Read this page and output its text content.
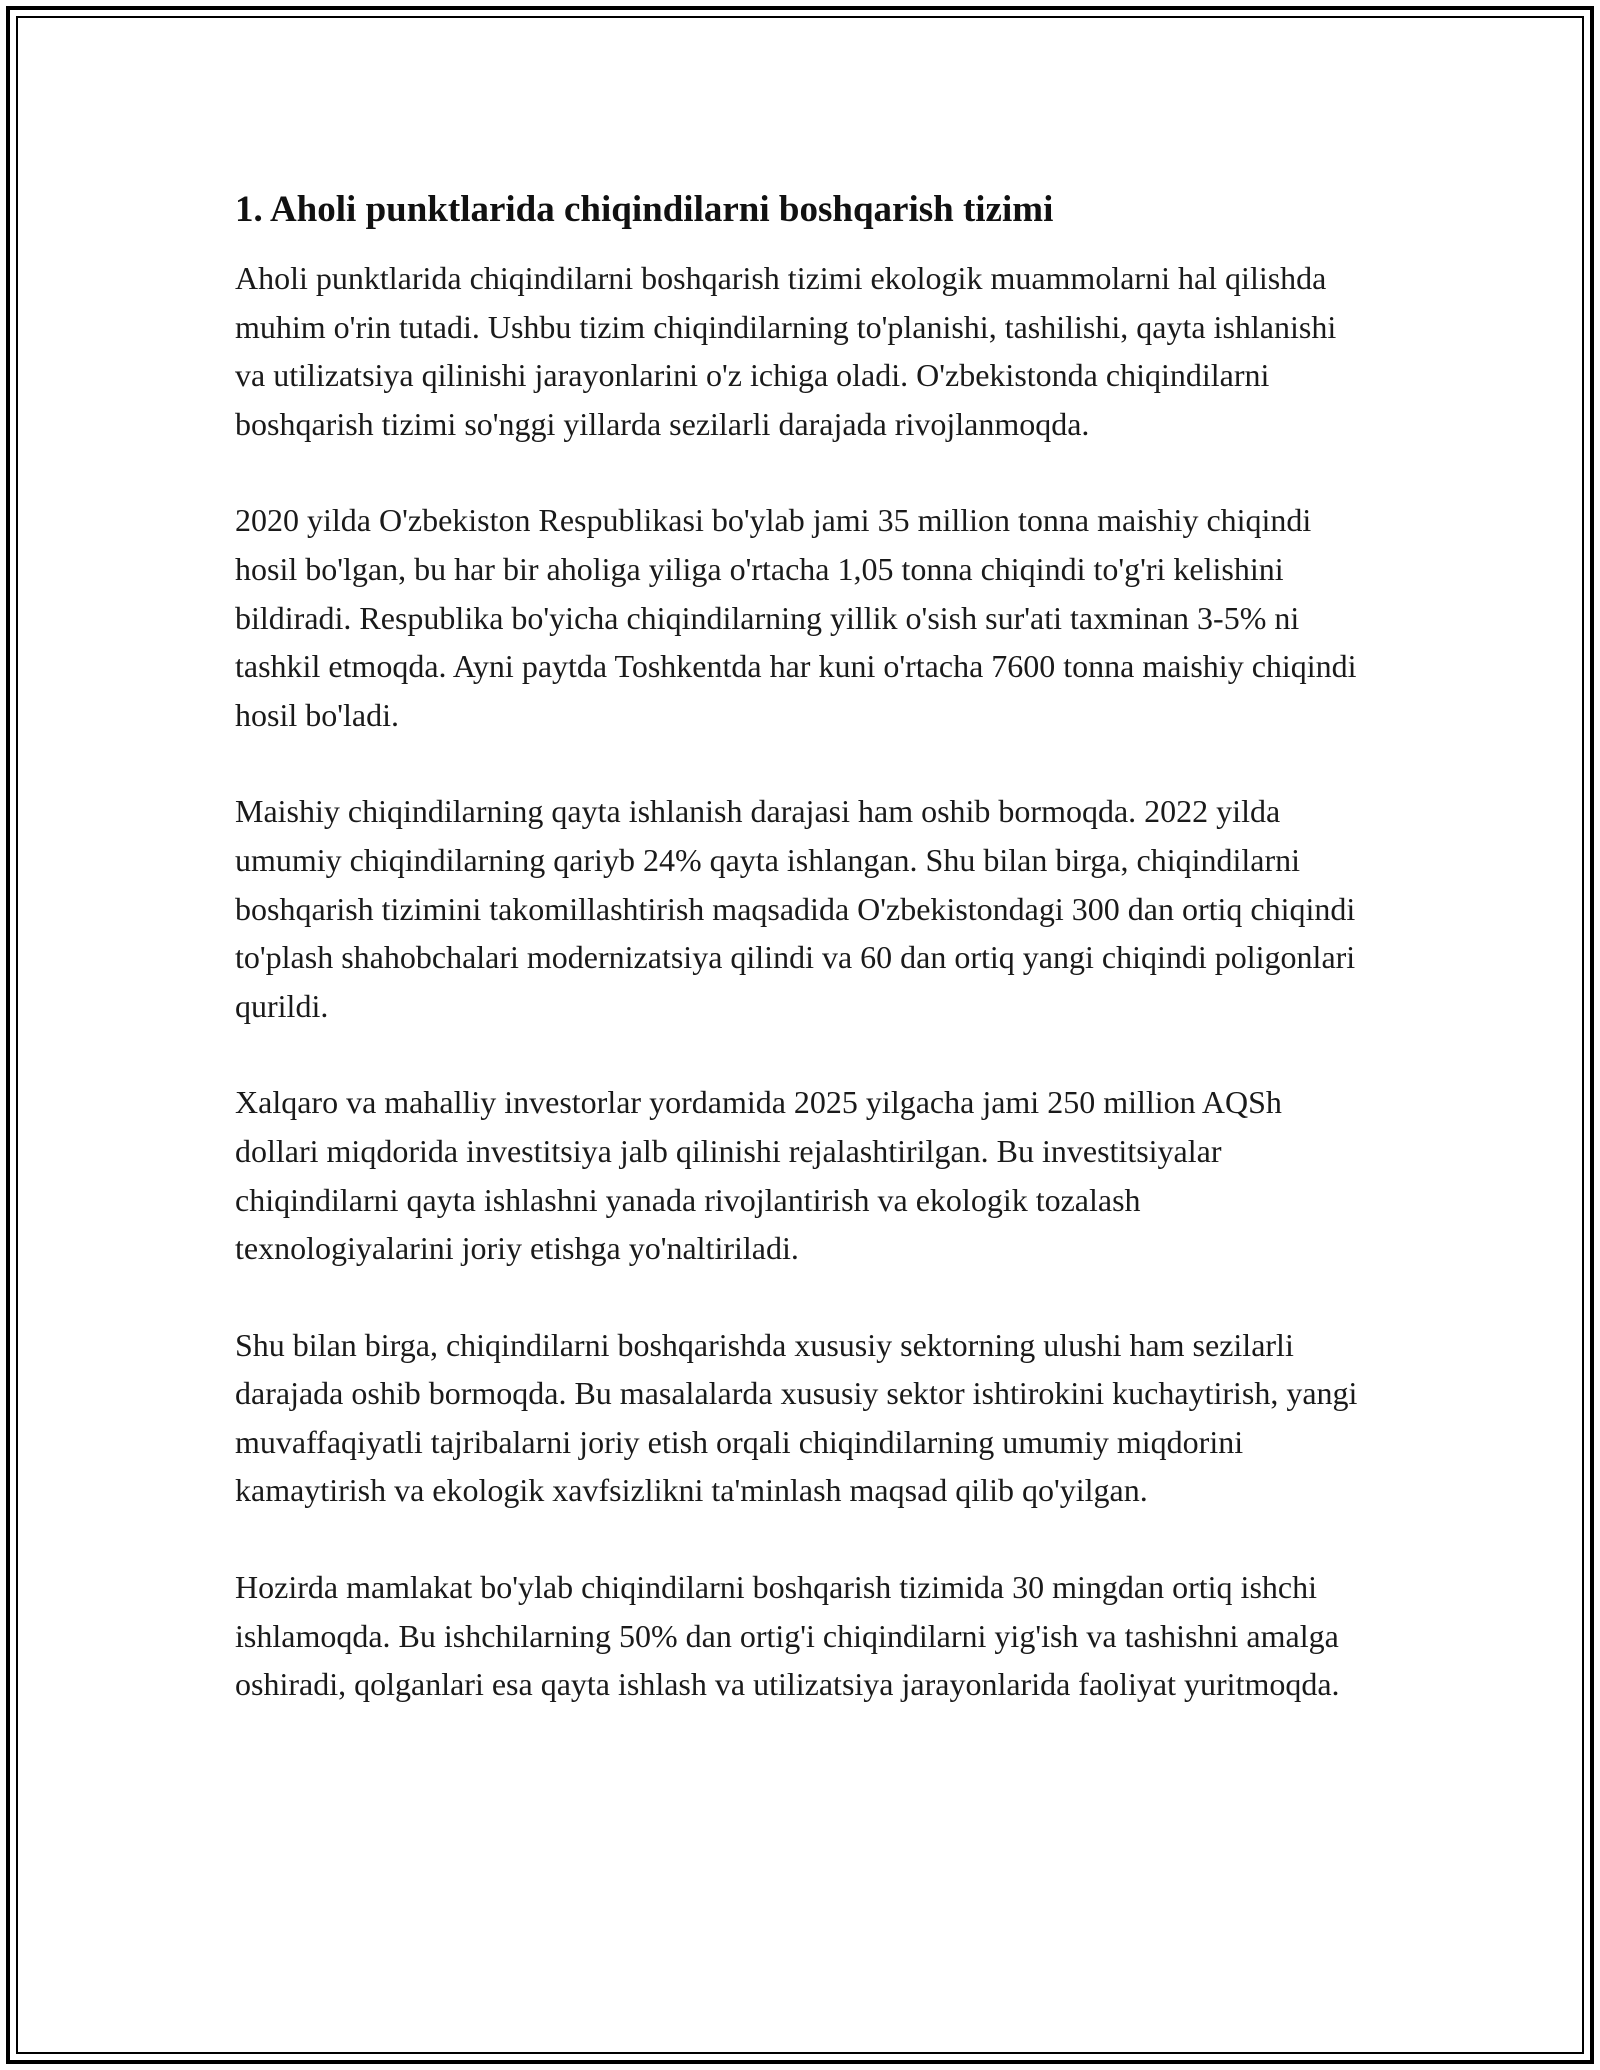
1. Aholi punktlarida chiqindilarni boshqarish tizimi

Aholi punktlarida chiqindilarni boshqarish tizimi ekologik muammolarni hal qilishda muhim o'rin tutadi. Ushbu tizim chiqindilarning to'planishi, tashilishi, qayta ishlanishi va utilizatsiya qilinishi jarayonlarini o'z ichiga oladi. O'zbekistonda chiqindilarni boshqarish tizimi so'nggi yillarda sezilarli darajada rivojlanmoqda.

2020 yilda O'zbekiston Respublikasi bo'ylab jami 35 million tonna maishiy chiqindi hosil bo'lgan, bu har bir aholiga yiliga o'rtacha 1,05 tonna chiqindi to'g'ri kelishini bildiradi. Respublika bo'yicha chiqindilarning yillik o'sish sur'ati taxminan 3-5% ni tashkil etmoqda. Ayni paytda Toshkentda har kuni o'rtacha 7600 tonna maishiy chiqindi hosil bo'ladi.

Maishiy chiqindilarning qayta ishlanish darajasi ham oshib bormoqda. 2022 yilda umumiy chiqindilarning qariyb 24% qayta ishlangan. Shu bilan birga, chiqindilarni boshqarish tizimini takomillashtirish maqsadida O'zbekistondagi 300 dan ortiq chiqindi to'plash shahobchalari modernizatsiya qilindi va 60 dan ortiq yangi chiqindi poligonlari qurildi.

Xalqaro va mahalliy investorlar yordamida 2025 yilgacha jami 250 million AQSh dollari miqdorida investitsiya jalb qilinishi rejalashtirilgan. Bu investitsiyalar chiqindilarni qayta ishlashni yanada rivojlantirish va ekologik tozalash texnologiyalarini joriy etishga yo'naltiriladi.

Shu bilan birga, chiqindilarni boshqarishda xususiy sektorning ulushi ham sezilarli darajada oshib bormoqda. Bu masalalarda xususiy sektor ishtirokini kuchaytirish, yangi muvaffaqiyatli tajribalarni joriy etish orqali chiqindilarning umumiy miqdorini kamaytirish va ekologik xavfsizlikni ta'minlash maqsad qilib qo'yilgan.

Hozirda mamlakat bo'ylab chiqindilarni boshqarish tizimida 30 mingdan ortiq ishchi ishlamoqda. Bu ishchilarning 50% dan ortig'i chiqindilarni yig'ish va tashishni amalga oshiradi, qolganlari esa qayta ishlash va utilizatsiya jarayonlarida faoliyat yuritmoqda.
